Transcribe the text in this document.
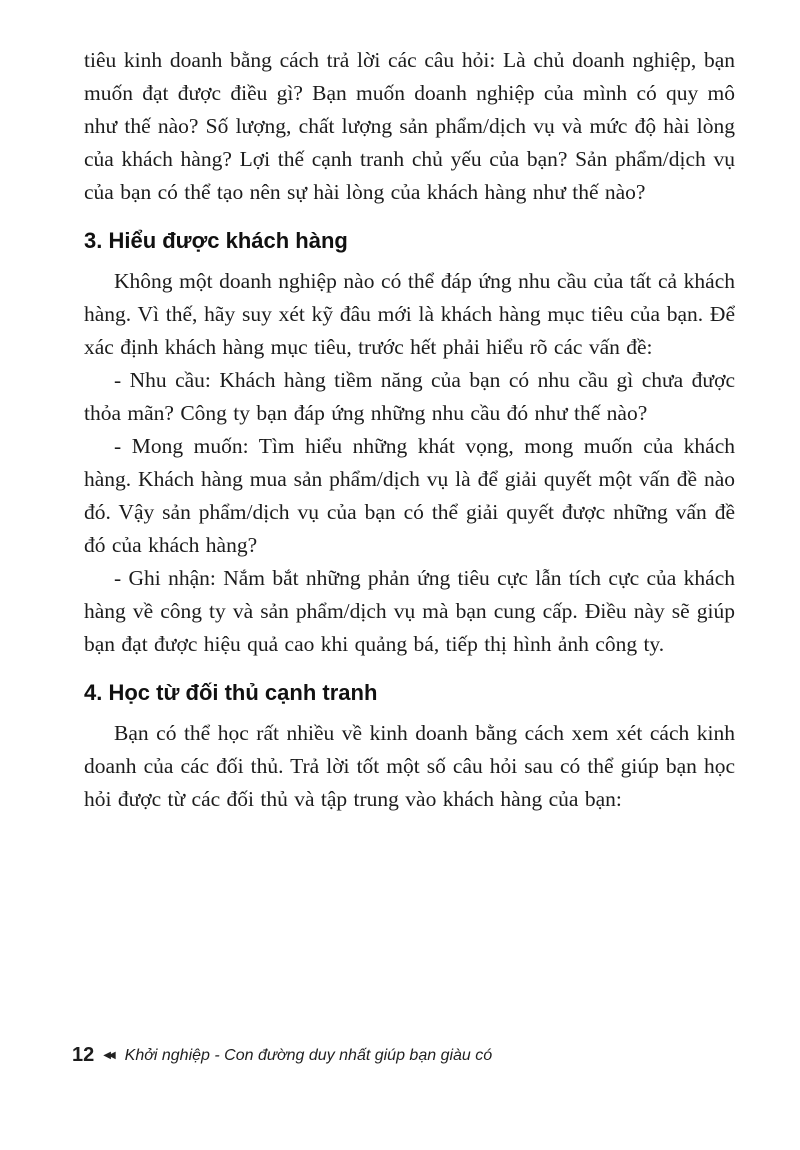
tiêu kinh doanh bằng cách trả lời các câu hỏi: Là chủ doanh nghiệp, bạn muốn đạt được điều gì? Bạn muốn doanh nghiệp của mình có quy mô như thế nào? Số lượng, chất lượng sản phẩm/dịch vụ và mức độ hài lòng của khách hàng? Lợi thế cạnh tranh chủ yếu của bạn? Sản phẩm/dịch vụ của bạn có thể tạo nên sự hài lòng của khách hàng như thế nào?

3. Hiểu được khách hàng

Không một doanh nghiệp nào có thể đáp ứng nhu cầu của tất cả khách hàng. Vì thế, hãy suy xét kỹ đâu mới là khách hàng mục tiêu của bạn. Để xác định khách hàng mục tiêu, trước hết phải hiểu rõ các vấn đề:

- Nhu cầu: Khách hàng tiềm năng của bạn có nhu cầu gì chưa được thỏa mãn? Công ty bạn đáp ứng những nhu cầu đó như thế nào?

- Mong muốn: Tìm hiểu những khát vọng, mong muốn của khách hàng. Khách hàng mua sản phẩm/dịch vụ là để giải quyết một vấn đề nào đó. Vậy sản phẩm/dịch vụ của bạn có thể giải quyết được những vấn đề đó của khách hàng?

- Ghi nhận: Nắm bắt những phản ứng tiêu cực lẫn tích cực của khách hàng về công ty và sản phẩm/dịch vụ mà bạn cung cấp. Điều này sẽ giúp bạn đạt được hiệu quả cao khi quảng bá, tiếp thị hình ảnh công ty.

4. Học từ đối thủ cạnh tranh

Bạn có thể học rất nhiều về kinh doanh bằng cách xem xét cách kinh doanh của các đối thủ. Trả lời tốt một số câu hỏi sau có thể giúp bạn học hỏi được từ các đối thủ và tập trung vào khách hàng của bạn:

12 ◀◀ Khởi nghiệp - Con đường duy nhất giúp bạn giàu có
